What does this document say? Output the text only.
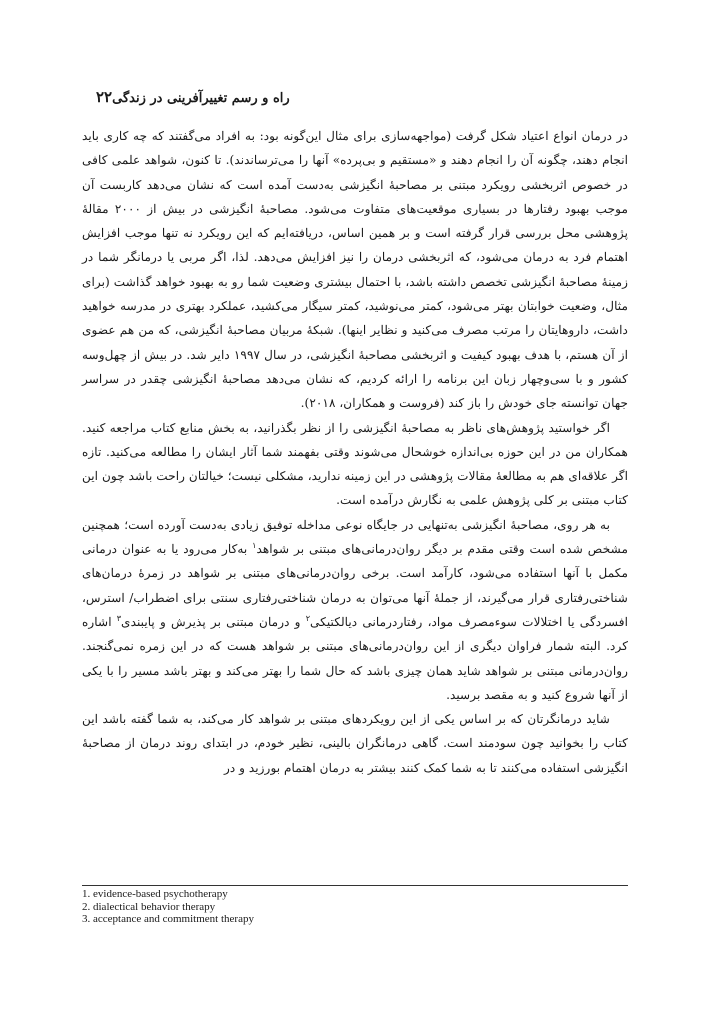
۲۲ راه و رسم تغییرآفرینی در زندگی

در درمان انواع اعتیاد شکل گرفت (مواجهه‌سازی برای مثال این‌گونه بود: به افراد می‌گفتند که چه کاری باید انجام دهند، چگونه آن را انجام دهند و «مستقیم و بی‌پرده» آنها را می‌ترساندند). تا کنون، شواهد علمی کافی در خصوص اثربخشی رویکرد مبتنی بر مصاحبهٔ انگیزشی به‌دست آمده است که نشان می‌دهد کاربست آن موجب بهبود رفتارها در بسیاری موقعیت‌های متفاوت می‌شود. مصاحبهٔ انگیزشی در بیش از ۲۰۰۰ مقالهٔ پژوهشی محل بررسی قرار گرفته است و بر همین اساس، دریافته‌ایم که این رویکرد نه تنها موجب افزایش اهتمام فرد به درمان می‌شود، که اثربخشی درمان را نیز افزایش می‌دهد. لذا، اگر مربی یا درمانگر شما در زمینهٔ مصاحبهٔ انگیزشی تخصص داشته باشد، با احتمال بیشتری وضعیت شما رو به بهبود خواهد گذاشت (برای مثال، وضعیت خوابتان بهتر می‌شود، کمتر می‌نوشید، کمتر سیگار می‌کشید، عملکرد بهتری در مدرسه خواهید داشت، داروهایتان را مرتب مصرف می‌کنید و نظایر اینها). شبکهٔ مربیان مصاحبهٔ انگیزشی، که من هم عضوی از آن هستم، با هدف بهبود کیفیت و اثربخشی مصاحبهٔ انگیزشی، در سال ۱۹۹۷ دایر شد. در بیش از چهل‌وسه کشور و با سی‌وچهار زبان این برنامه را ارائه کردیم، که نشان می‌دهد مصاحبهٔ انگیزشی چقدر در سراسر جهان توانسته جای خودش را باز کند (فروست و همکاران، ۲۰۱۸).

اگر خواستید پژوهش‌های ناظر به مصاحبهٔ انگیزشی را از نظر بگذرانید، به بخش منابع کتاب مراجعه کنید. همکاران من در این حوزه بی‌اندازه خوشحال می‌شوند وقتی بفهمند شما آثار ایشان را مطالعه می‌کنید. تازه اگر علاقه‌ای هم به مطالعهٔ مقالات پژوهشی در این زمینه ندارید، مشکلی نیست؛ خیالتان راحت باشد چون این کتاب مبتنی بر کلی پژوهش علمی به نگارش درآمده است.

به هر روی، مصاحبهٔ انگیزشی به‌تنهایی در جایگاه نوعی مداخله توفیق زیادی به‌دست آورده است؛ همچنین مشخص شده است وقتی مقدم بر دیگر روان‌درمانی‌های مبتنی بر شواهد$^۱$ به‌کار می‌رود یا به عنوان درمانی مکمل با آنها استفاده می‌شود، کارآمد است. برخی روان‌درمانی‌های مبتنی بر شواهد در زمرهٔ درمان‌های شناختی‌رفتاری قرار می‌گیرند، از جملهٔ آنها می‌توان به درمان شناختی‌رفتاری سنتی برای اضطراب/ استرس، افسردگی یا اختلالات سوءمصرف مواد، رفتاردرمانی دیالکتیکی$^۲$ و درمان مبتنی بر پذیرش و پایبندی$^۳$ اشاره کرد. البته شمار فراوان دیگری از این روان‌درمانی‌های مبتنی بر شواهد هست که در این زمره نمی‌گنجند. روان‌درمانی مبتنی بر شواهد شاید همان چیزی باشد که حال شما را بهتر می‌کند و بهتر باشد مسیر را با یکی از آنها شروع کنید و به مقصد برسید.

شاید درمانگرتان که بر اساس یکی از این رویکردهای مبتنی بر شواهد کار می‌کند، به شما گفته باشد این کتاب را بخوانید چون سودمند است. گاهی درمانگران بالینی، نظیر خودم، در ابتدای روند درمان از مصاحبهٔ انگیزشی استفاده می‌کنند تا به شما کمک کنند بیشتر به درمان اهتمام بورزید و در

1. evidence-based psychotherapy
2. dialectical behavior therapy
3. acceptance and commitment therapy
